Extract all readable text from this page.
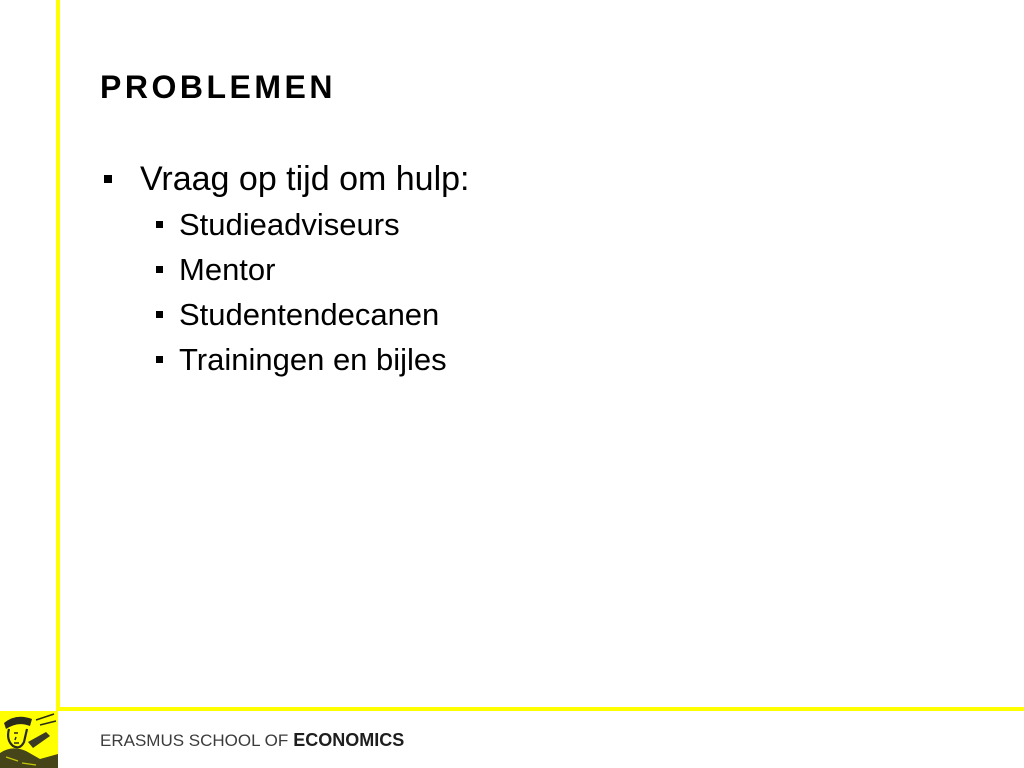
PROBLEMEN
Vraag op tijd om hulp:
Studieadviseurs
Mentor
Studentendecanen
Trainingen en bijles
ERASMUS SCHOOL OF ECONOMICS
